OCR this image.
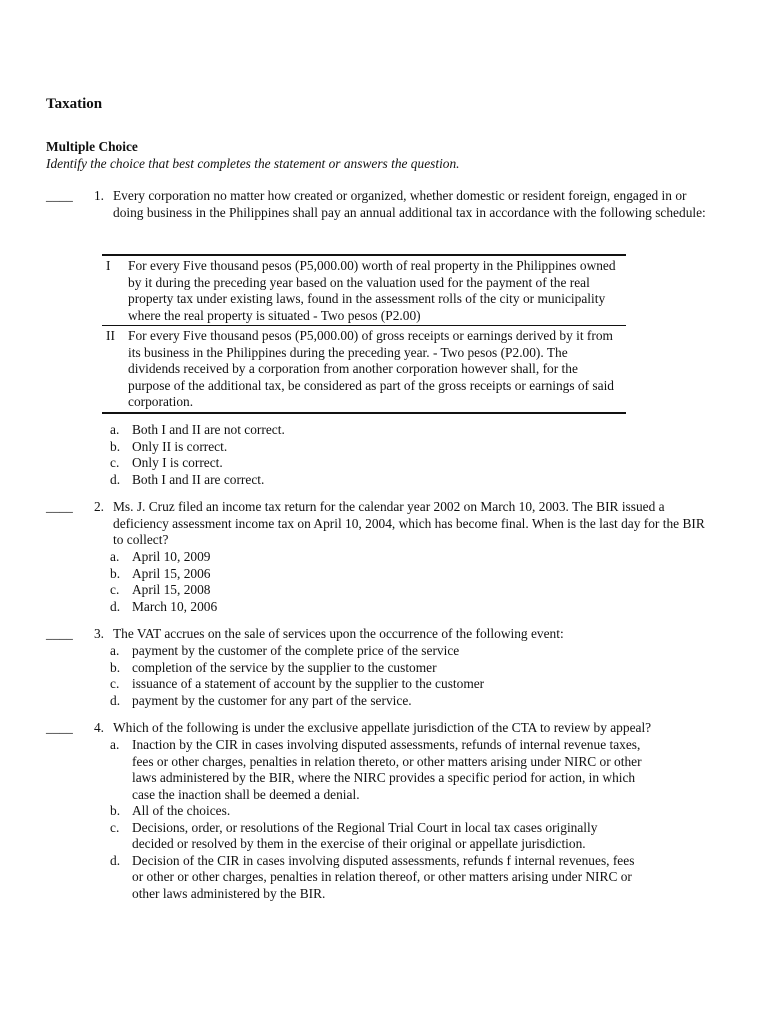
Taxation
Multiple Choice
Identify the choice that best completes the statement or answers the question.
____	1. Every corporation no matter how created or organized, whether domestic or resident foreign, engaged in or doing business in the Philippines shall pay an annual additional tax in accordance with the following schedule:
I For every Five thousand pesos (P5,000.00) worth of real property in the Philippines owned by it during the preceding year based on the valuation used for the payment of the real property tax under existing laws, found in the assessment rolls of the city or municipality where the real property is situated - Two pesos (P2.00)
II For every Five thousand pesos (P5,000.00) of gross receipts or earnings derived by it from its business in the Philippines during the preceding year. - Two pesos (P2.00). The dividends received by a corporation from another corporation however shall, for the purpose of the additional tax, be considered as part of the gross receipts or earnings of said corporation.
a. Both I and II are not correct.
b. Only II is correct.
c. Only I is correct.
d. Both I and II are correct.
____	2. Ms. J. Cruz filed an income tax return for the calendar year 2002 on March 10, 2003. The BIR issued a deficiency assessment income tax on April 10, 2004, which has become final. When is the last day for the BIR to collect?
a. April 10, 2009
b. April 15, 2006
c. April 15, 2008
d. March 10, 2006
____	3. The VAT accrues on the sale of services upon the occurrence of the following event:
a. payment by the customer of the complete price of the service
b. completion of the service by the supplier to the customer
c. issuance of a statement of account by the supplier to the customer
d. payment by the customer for any part of the service.
____	4. Which of the following is under the exclusive appellate jurisdiction of the CTA to review by appeal?
a. Inaction by the CIR in cases involving disputed assessments, refunds of internal revenue taxes, fees or other charges, penalties in relation thereto, or other matters arising under NIRC or other laws administered by the BIR, where the NIRC provides a specific period for action, in which case the inaction shall be deemed a denial.
b. All of the choices.
c. Decisions, order, or resolutions of the Regional Trial Court in local tax cases originally decided or resolved by them in the exercise of their original or appellate jurisdiction.
d. Decision of the CIR in cases involving disputed assessments, refunds f internal revenues, fees or other or other charges, penalties in relation thereof, or other matters arising under NIRC or other laws administered by the BIR.
